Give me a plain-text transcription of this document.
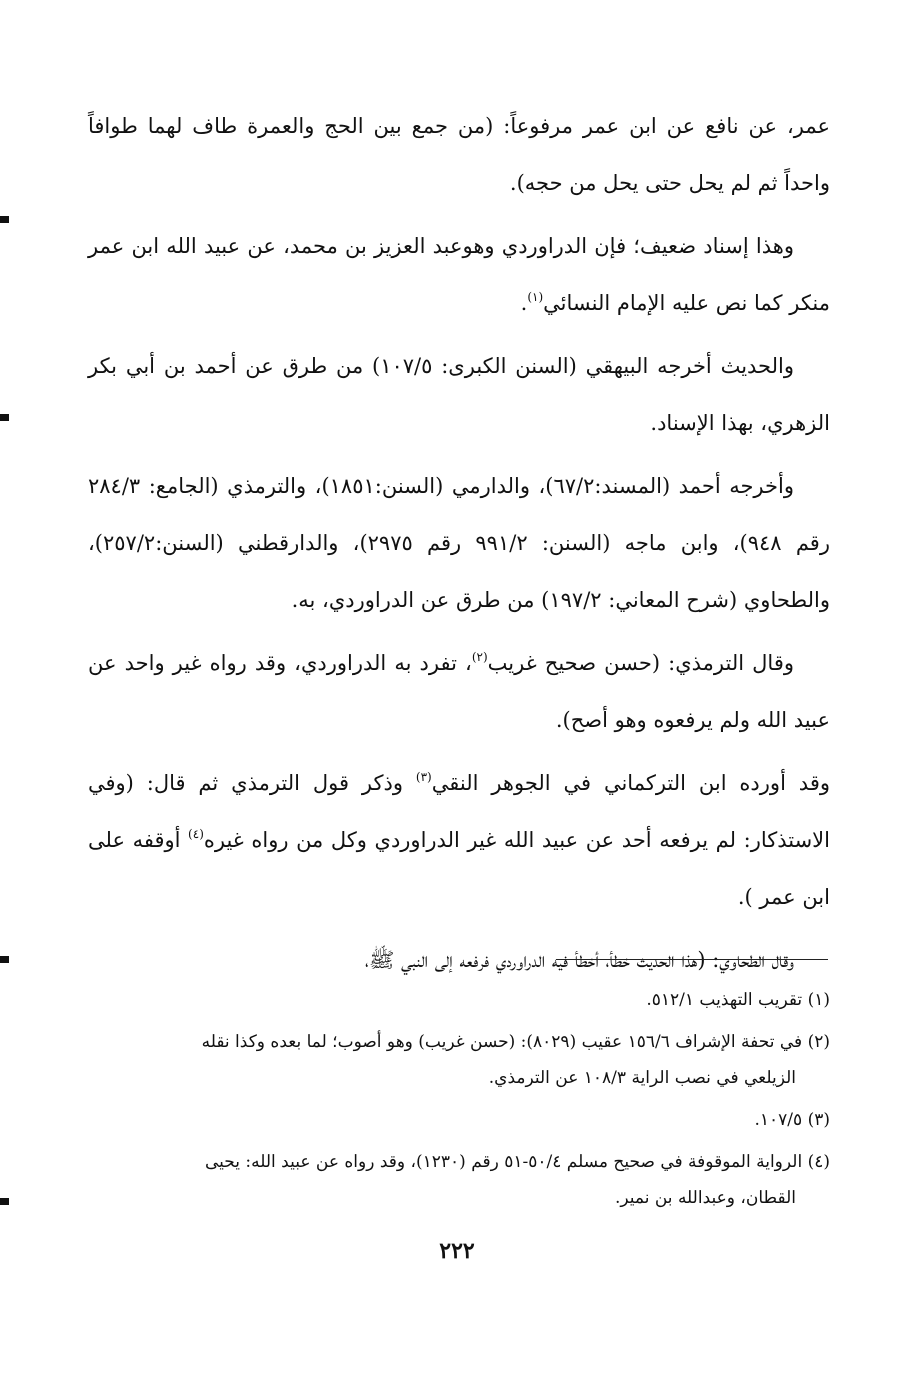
عمر، عن نافع عن ابن عمر مرفوعاً: (من جمع بين الحج والعمرة طاف لهما طوافاً واحداً ثم لم يحل حتى يحل من حجه).

وهذا إسناد ضعيف؛ فإن الدراوردي وهوعبد العزيز بن محمد، عن عبيد الله ابن عمر منكر كما نص عليه الإمام النسائي$^{(١)}$.

والحديث أخرجه البيهقي (السنن الكبرى: ١٠٧/٥) من طرق عن أحمد بن أبي بكر الزهري، بهذا الإسناد.

وأخرجه أحمد (المسند:٦٧/٢)، والدارمي (السنن:١٨٥١)، والترمذي (الجامع: ٢٨٤/٣ رقم ٩٤٨)، وابن ماجه (السنن: ٩٩١/٢ رقم ٢٩٧٥)، والدارقطني (السنن:٢٥٧/٢)، والطحاوي (شرح المعاني: ١٩٧/٢) من طرق عن الدراوردي، به.

وقال الترمذي: (حسن صحيح غريب$^{(٢)}$، تفرد به الدراوردي، وقد رواه غير واحد عن عبيد الله ولم يرفعوه وهو أصح).

وقد أورده ابن التركماني في الجوهر النقي$^{(٣)}$ وذكر قول الترمذي ثم قال: (وفي الاستذكار: لم يرفعه أحد عن عبيد الله غير الدراوردي وكل من رواه غيره$^{(٤)}$ أوقفه على ابن عمر ).

وقال الطحاوي: (هذا الحديث خطأ، أخطأ فيه الدراوردي فرفعه إلى النبي ﷺ،

(١) تقريب التهذيب ٥١٢/١.
(٢) في تحفة الإشراف ١٥٦/٦ عقيب (٨٠٢٩): (حسن غريب) وهو أصوب؛ لما بعده وكذا نقله
الزيلعي في نصب الراية ١٠٨/٣ عن الترمذي.
(٣) ١٠٧/٥.
(٤) الرواية الموقوفة في صحيح مسلم ٥٠/٤-٥١ رقم (١٢٣٠)، وقد رواه عن عبيد الله: يحيى
القطان، وعبدالله بن نمير.
٢٢٢
